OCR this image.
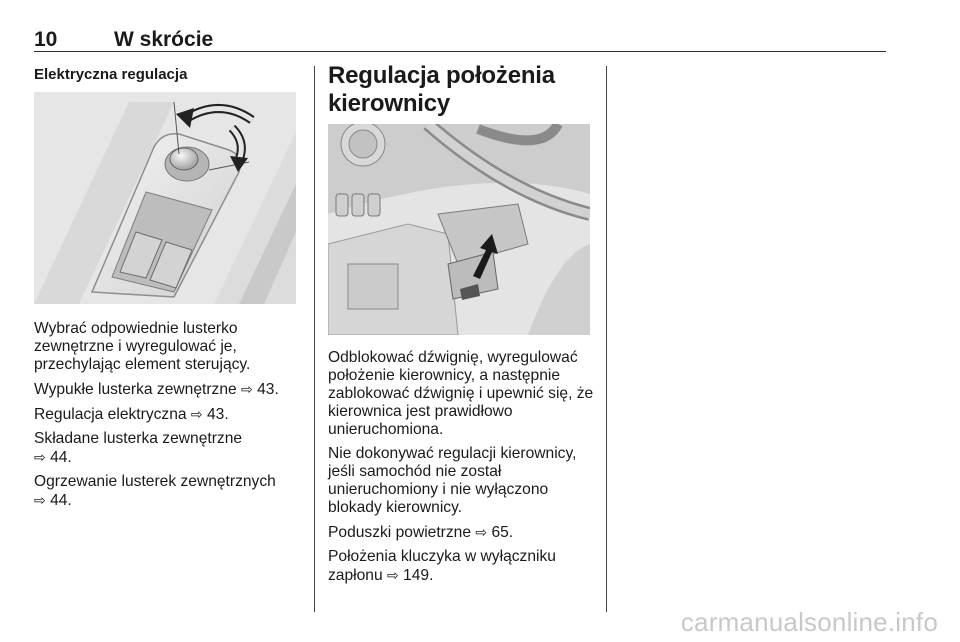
10	W skrócie
Elektryczna regulacja

Wybrać odpowiednie lusterko zewnętrzne i wyregulować je, przechylając element sterujący.

Wypukłe lusterka zewnętrzne ⇨ 43.

Regulacja elektryczna ⇨ 43.

Składane lusterka zewnętrzne
⇨ 44.

Ogrzewanie lusterek zewnętrznych
⇨ 44.

Regulacja położenia kierownicy

Odblokować dźwignię, wyregulować położenie kierownicy, a następnie zablokować dźwignię i upewnić się, że kierownica jest prawidłowo unieruchomiona.

Nie dokonywać regulacji kierownicy, jeśli samochód nie został unieruchomiony i nie wyłączono blokady kierownicy.

Poduszki powietrzne ⇨ 65.

Położenia kluczyka w wyłączniku zapłonu ⇨ 149.

carmanualsonline.info
